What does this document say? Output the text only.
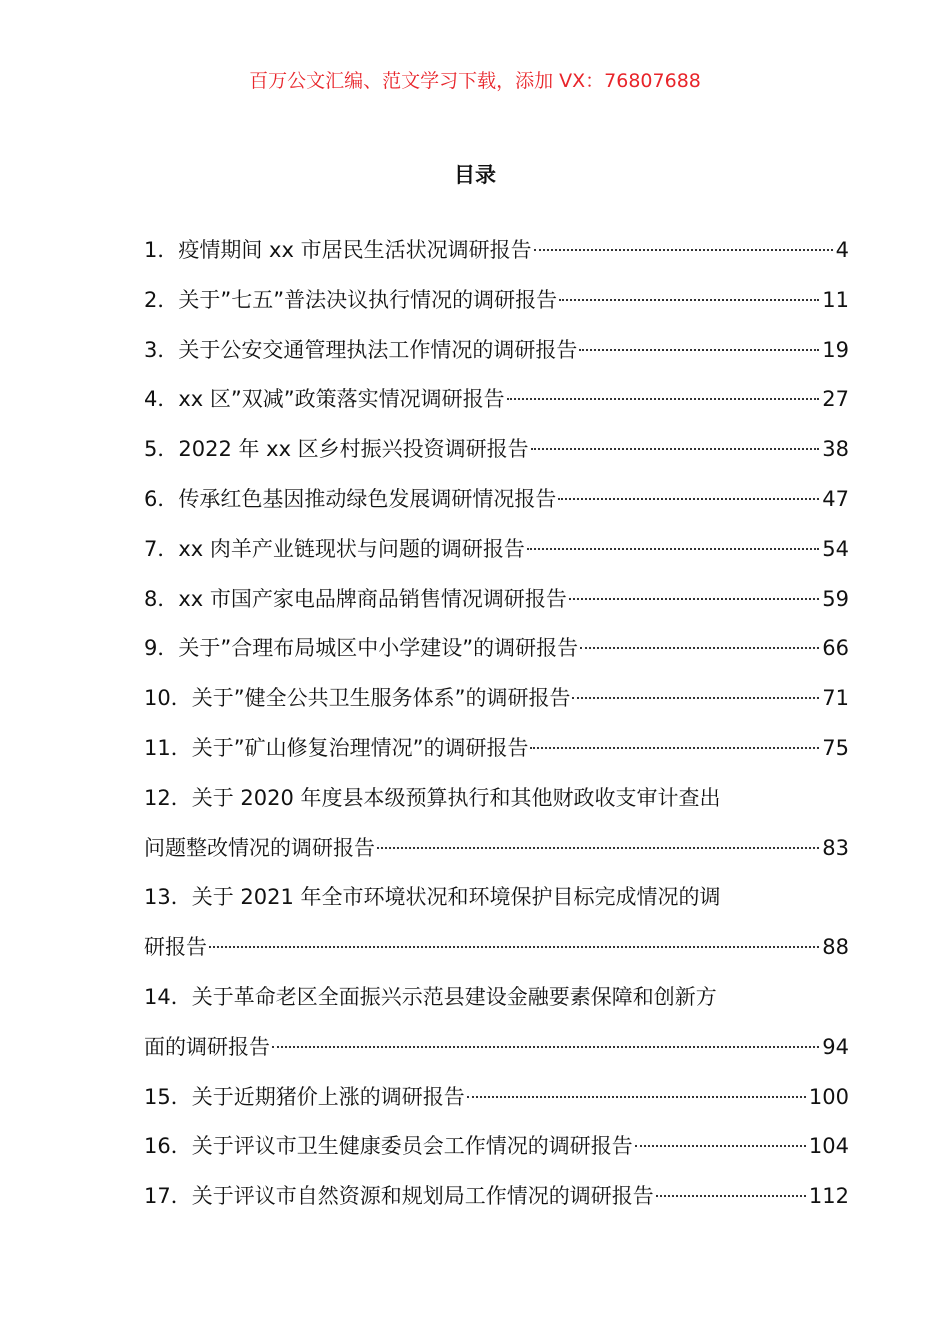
百万公文汇编、范文学习下载，添加 VX：76807688
目录
1．疫情期间 xx 市居民生活状况调研报告	4
2．关于”七五”普法决议执行情况的调研报告	11
3．关于公安交通管理执法工作情况的调研报告	19
4．xx 区”双减”政策落实情况调研报告	27
5．2022 年 xx 区乡村振兴投资调研报告	38
6．传承红色基因推动绿色发展调研情况报告	47
7．xx 肉羊产业链现状与问题的调研报告	54
8．xx 市国产家电品牌商品销售情况调研报告	59
9．关于”合理布局城区中小学建设”的调研报告	66
10．关于”健全公共卫生服务体系”的调研报告	71
11．关于”矿山修复治理情况”的调研报告	75
12．关于 2020 年度县本级预算执行和其他财政收支审计查出
问题整改情况的调研报告	83
13．关于 2021 年全市环境状况和环境保护目标完成情况的调
研报告	88
14．关于革命老区全面振兴示范县建设金融要素保障和创新方
面的调研报告	94
15．关于近期猪价上涨的调研报告	100
16．关于评议市卫生健康委员会工作情况的调研报告	104
17．关于评议市自然资源和规划局工作情况的调研报告	112
